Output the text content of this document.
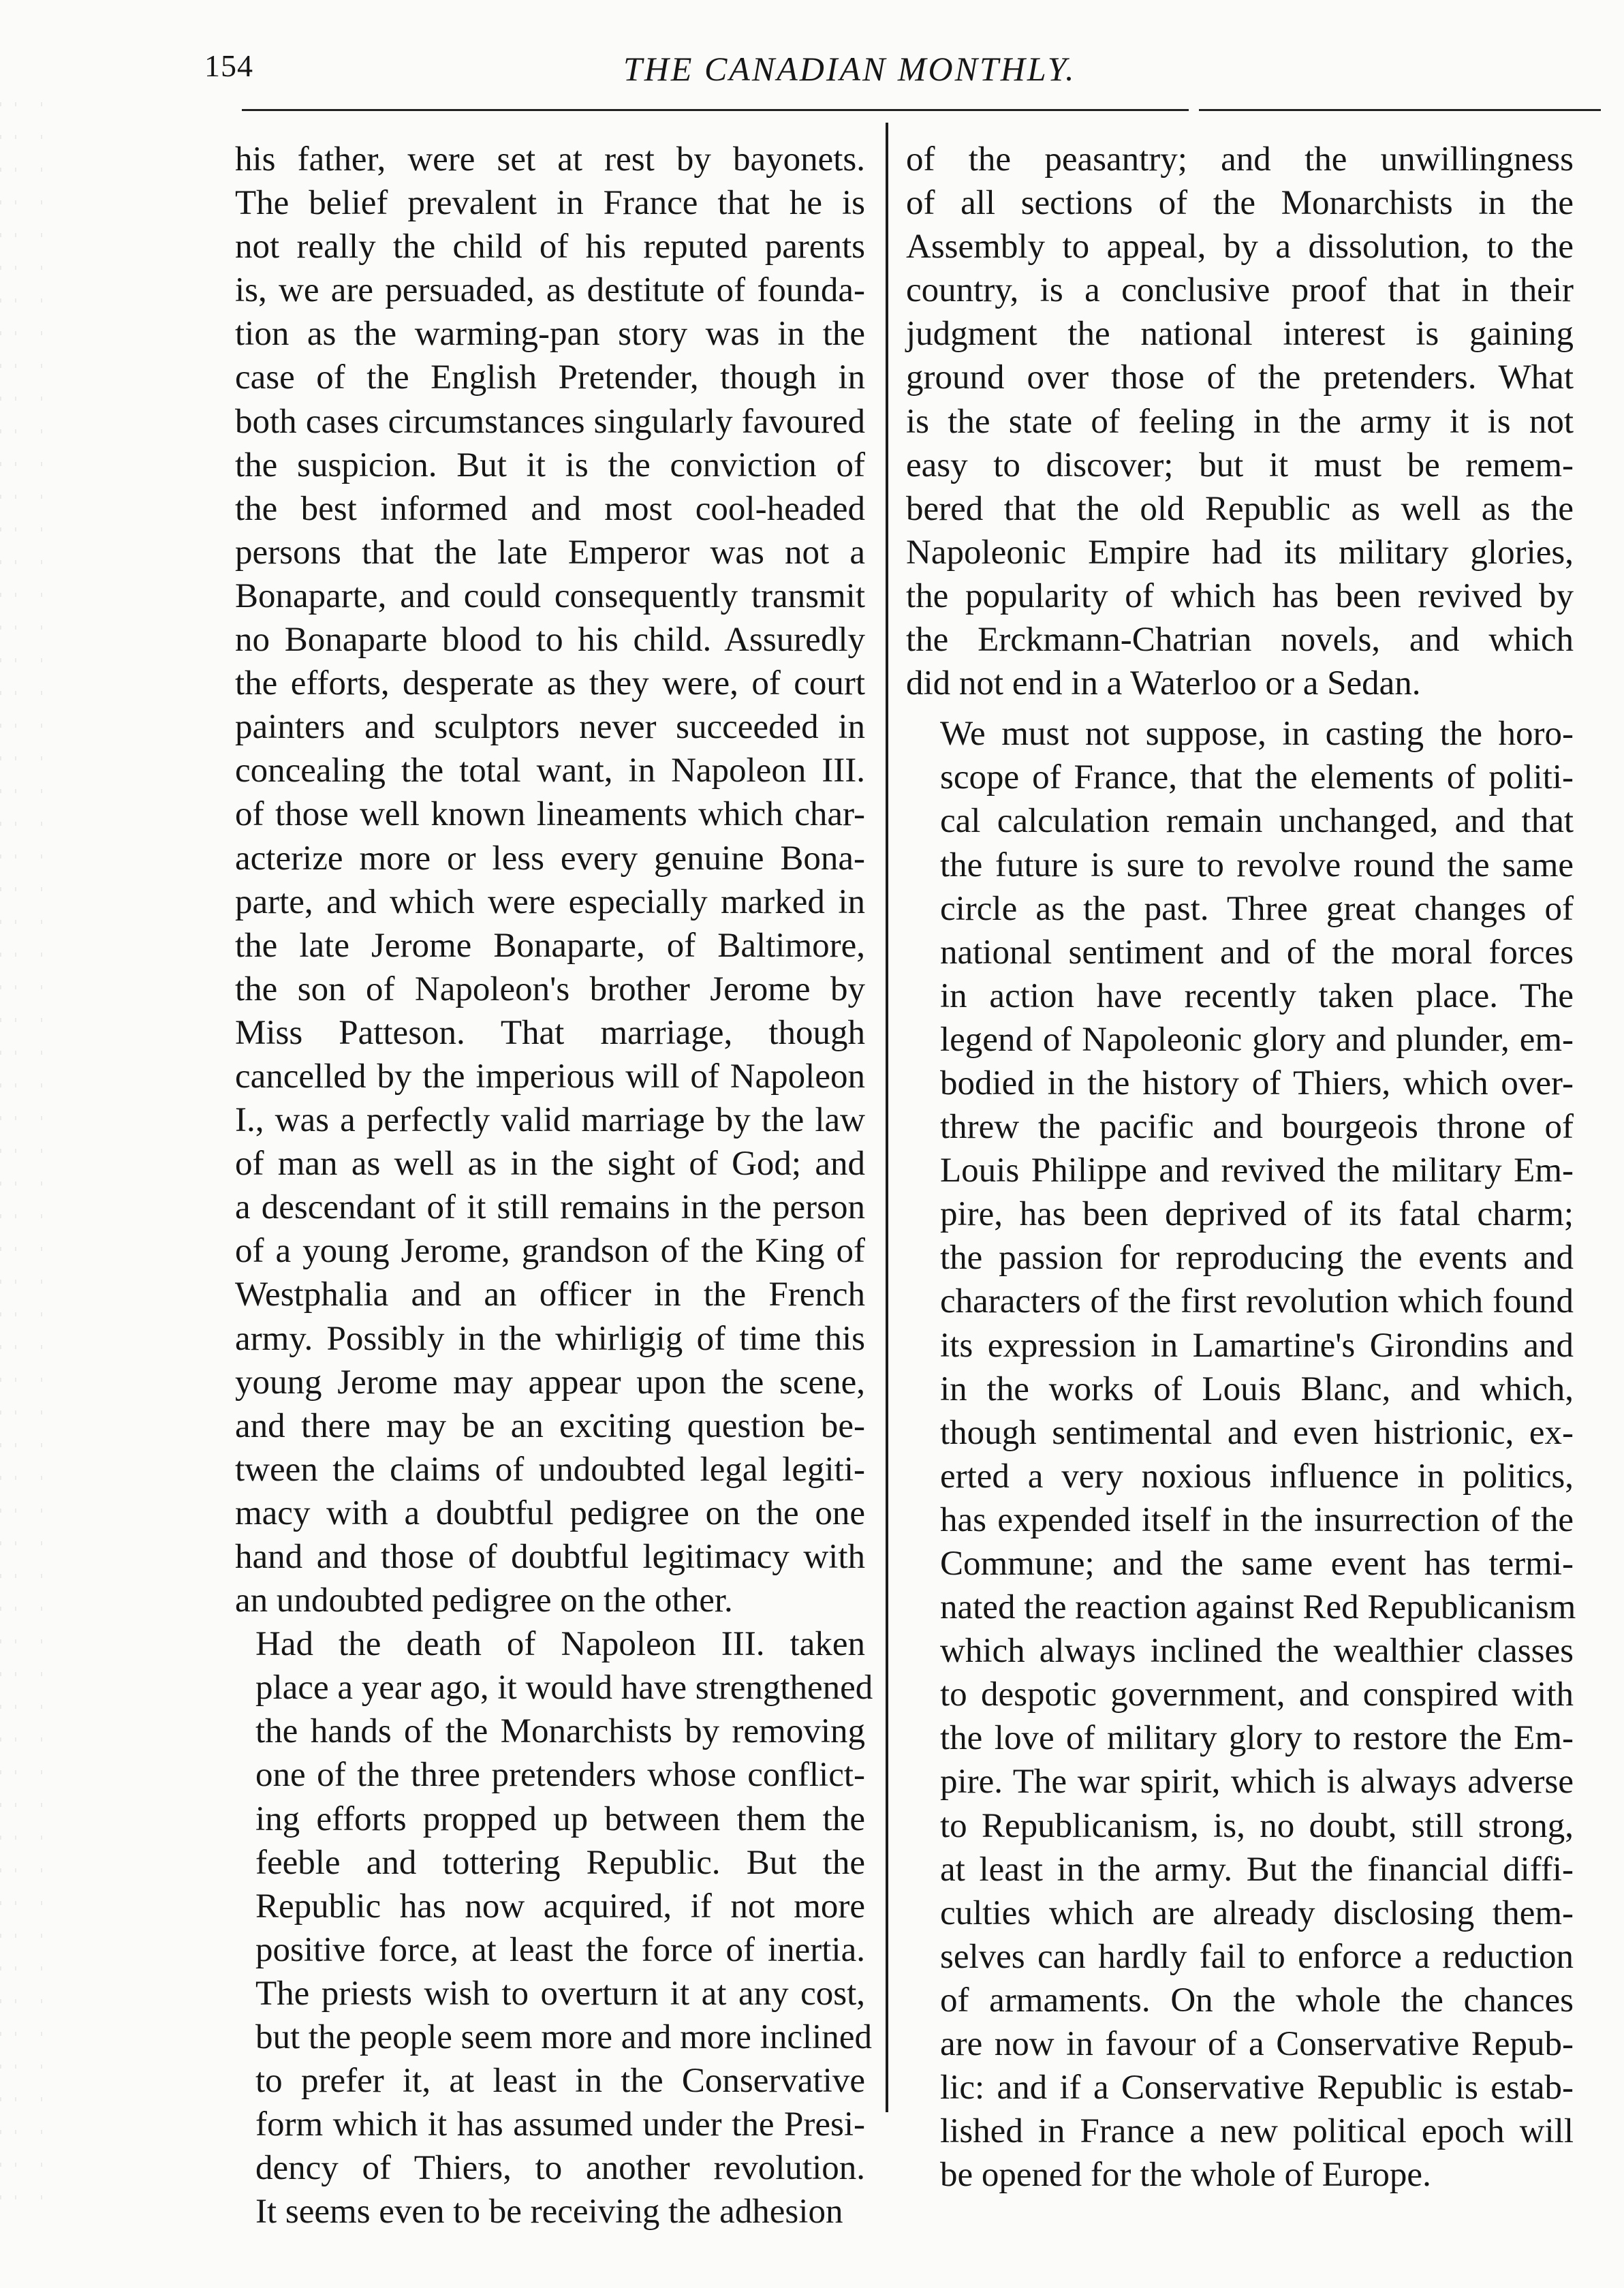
154	THE CANADIAN MONTHLY.
his father, were set at rest by bayonets.
The belief prevalent in France that he is
not really the child of his reputed parents
is, we are persuaded, as destitute of founda-
tion as the warming-pan story was in the
case of the English Pretender, though in
both cases circumstances singularly favoured
the suspicion. But it is the conviction of
the best informed and most cool-headed
persons that the late Emperor was not a
Bonaparte, and could consequently transmit
no Bonaparte blood to his child. Assuredly
the efforts, desperate as they were, of court
painters and sculptors never succeeded in
concealing the total want, in Napoleon III.
of those well known lineaments which char-
acterize more or less every genuine Bona-
parte, and which were especially marked in
the late Jerome Bonaparte, of Baltimore,
the son of Napoleon's brother Jerome by
Miss Patteson. That marriage, though
cancelled by the imperious will of Napoleon
I., was a perfectly valid marriage by the law
of man as well as in the sight of God; and
a descendant of it still remains in the person
of a young Jerome, grandson of the King of
Westphalia and an officer in the French
army. Possibly in the whirligig of time this
young Jerome may appear upon the scene,
and there may be an exciting question be-
tween the claims of undoubted legal legiti-
macy with a doubtful pedigree on the one
hand and those of doubtful legitimacy with
an undoubted pedigree on the other.
Had the death of Napoleon III. taken
place a year ago, it would have strengthened
the hands of the Monarchists by removing
one of the three pretenders whose conflict-
ing efforts propped up between them the
feeble and tottering Republic. But the
Republic has now acquired, if not more
positive force, at least the force of inertia.
The priests wish to overturn it at any cost,
but the people seem more and more inclined
to prefer it, at least in the Conservative
form which it has assumed under the Presi-
dency of Thiers, to another revolution.
It seems even to be receiving the adhesion
of the peasantry; and the unwillingness
of all sections of the Monarchists in the
Assembly to appeal, by a dissolution, to the
country, is a conclusive proof that in their
judgment the national interest is gaining
ground over those of the pretenders. What
is the state of feeling in the army it is not
easy to discover; but it must be remem-
bered that the old Republic as well as the
Napoleonic Empire had its military glories,
the popularity of which has been revived by
the Erckmann-Chatrian novels, and which
did not end in a Waterloo or a Sedan.
We must not suppose, in casting the horo-
scope of France, that the elements of politi-
cal calculation remain unchanged, and that
the future is sure to revolve round the same
circle as the past. Three great changes of
national sentiment and of the moral forces
in action have recently taken place. The
legend of Napoleonic glory and plunder, em-
bodied in the history of Thiers, which over-
threw the pacific and bourgeois throne of
Louis Philippe and revived the military Em-
pire, has been deprived of its fatal charm;
the passion for reproducing the events and
characters of the first revolution which found
its expression in Lamartine's Girondins and
in the works of Louis Blanc, and which,
though sentimental and even histrionic, ex-
erted a very noxious influence in politics,
has expended itself in the insurrection of the
Commune; and the same event has termi-
nated the reaction against Red Republicanism
which always inclined the wealthier classes
to despotic government, and conspired with
the love of military glory to restore the Em-
pire. The war spirit, which is always adverse
to Republicanism, is, no doubt, still strong,
at least in the army. But the financial diffi-
culties which are already disclosing them-
selves can hardly fail to enforce a reduction
of armaments. On the whole the chances
are now in favour of a Conservative Repub-
lic: and if a Conservative Republic is estab-
lished in France a new political epoch will
be opened for the whole of Europe.
